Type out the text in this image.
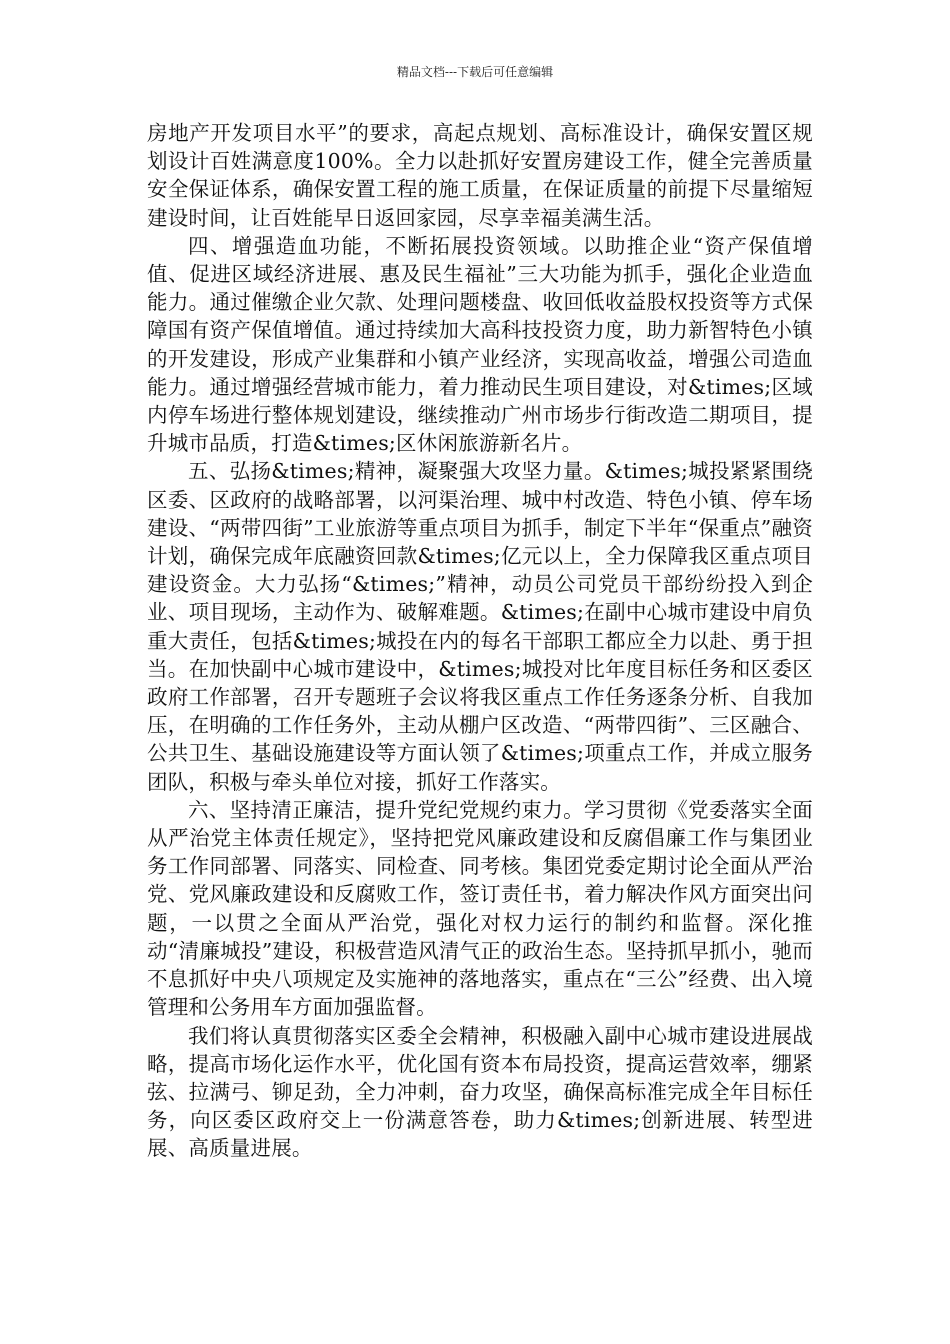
精品文档---下载后可任意编辑

房地产开发项目水平”的要求，高起点规划、高标准设计，确保安置区规划设计百姓满意度100%。全力以赴抓好安置房建设工作，健全完善质量安全保证体系，确保安置工程的施工质量，在保证质量的前提下尽量缩短建设时间，让百姓能早日返回家园，尽享幸福美满生活。

四、增强造血功能，不断拓展投资领域。以助推企业“资产保值增值、促进区域经济进展、惠及民生福祉”三大功能为抓手，强化企业造血能力。通过催缴企业欠款、处理问题楼盘、收回低收益股权投资等方式保障国有资产保值增值。通过持续加大高科技投资力度，助力新智特色小镇的开发建设，形成产业集群和小镇产业经济，实现高收益，增强公司造血能力。通过增强经营城市能力，着力推动民生项目建设，对&times;区域内停车场进行整体规划建设，继续推动广州市场步行街改造二期项目，提升城市品质，打造&times;区休闲旅游新名片。

五、弘扬&times;精神，凝聚强大攻坚力量。&times;城投紧紧围绕区委、区政府的战略部署，以河渠治理、城中村改造、特色小镇、停车场建设、“两带四街”工业旅游等重点项目为抓手，制定下半年“保重点”融资计划，确保完成年底融资回款&times;亿元以上，全力保障我区重点项目建设资金。大力弘扬“&times;”精神，动员公司党员干部纷纷投入到企业、项目现场，主动作为、破解难题。&times;在副中心城市建设中肩负重大责任，包括&times;城投在内的每名干部职工都应全力以赴、勇于担当。在加快副中心城市建设中，&times;城投对比年度目标任务和区委区政府工作部署，召开专题班子会议将我区重点工作任务逐条分析、自我加压，在明确的工作任务外，主动从棚户区改造、“两带四街”、三区融合、公共卫生、基础设施建设等方面认领了&times;项重点工作，并成立服务团队，积极与牵头单位对接，抓好工作落实。

六、坚持清正廉洁，提升党纪党规约束力。学习贯彻《党委落实全面从严治党主体责任规定》，坚持把党风廉政建设和反腐倡廉工作与集团业务工作同部署、同落实、同检查、同考核。集团党委定期讨论全面从严治党、党风廉政建设和反腐败工作，签订责任书，着力解决作风方面突出问题，一以贯之全面从严治党，强化对权力运行的制约和监督。深化推动“清廉城投”建设，积极营造风清气正的政治生态。坚持抓早抓小，驰而不息抓好中央八项规定及实施神的落地落实，重点在“三公”经费、出入境管理和公务用车方面加强监督。

我们将认真贯彻落实区委全会精神，积极融入副中心城市建设进展战略，提高市场化运作水平，优化国有资本布局投资，提高运营效率，绷紧弦、拉满弓、铆足劲，全力冲刺，奋力攻坚，确保高标准完成全年目标任务，向区委区政府交上一份满意答卷，助力&times;创新进展、转型进展、高质量进展。
